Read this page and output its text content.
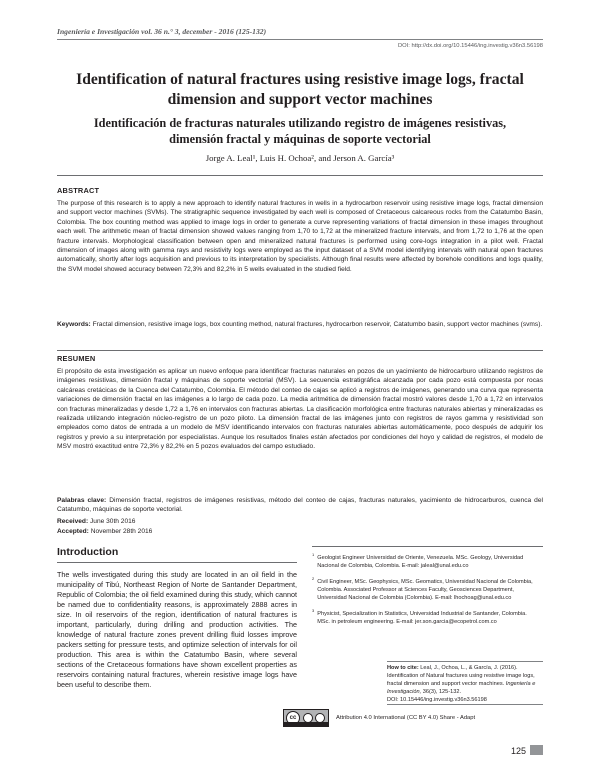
Ingeniería e Investigación vol. 36 n.° 3, december - 2016 (125-132)
DOI: http://dx.doi.org/10.15446/ing.investig.v36n3.56198
Identification of natural fractures using resistive image logs, fractal dimension and support vector machines
Identificación de fracturas naturales utilizando registro de imágenes resistivas, dimensión fractal y máquinas de soporte vectorial
Jorge A. Leal¹, Luis H. Ochoa², and Jerson A. García³
ABSTRACT
The purpose of this research is to apply a new approach to identify natural fractures in wells in a hydrocarbon reservoir using resistive image logs, fractal dimension and support vector machines (SVMs). The stratigraphic sequence investigated by each well is composed of Cretaceous calcareous rocks from the Catatumbo Basin, Colombia. The box counting method was applied to image logs in order to generate a curve representing variations of fractal dimension in these images throughout each well. The arithmetic mean of fractal dimension showed values ranging from 1,70 to 1,72 at the mineralized fracture intervals, and from 1,72 to 1,76 at the open fracture intervals. Morphological classification between open and mineralized natural fractures is performed using core-logs integration in a pilot well. Fractal dimension of images along with gamma rays and resistivity logs were employed as the input dataset of a SVM model identifying intervals with natural open fractures automatically, shortly after logs acquisition and previous to its interpretation by specialists. Although final results were affected by borehole conditions and logs quality, the SVM model showed accuracy between 72,3% and 82,2% in 5 wells evaluated in the studied field.
Keywords: Fractal dimension, resistive image logs, box counting method, natural fractures, hydrocarbon reservoir, Catatumbo basin, support vector machines (svms).
RESUMEN
El propósito de esta investigación es aplicar un nuevo enfoque para identificar fracturas naturales en pozos de un yacimiento de hidrocarburo utilizando registros de imágenes resistivas, dimensión fractal y máquinas de soporte vectorial (MSV). La secuencia estratigráfica alcanzada por cada pozo está compuesta por rocas calcáreas cretácicas de la Cuenca del Catatumbo, Colombia. El método del conteo de cajas se aplicó a registros de imágenes, generando una curva que representa variaciones de dimensión fractal en las imágenes a lo largo de cada pozo. La media aritmética de dimensión fractal mostró valores desde 1,70 a 1,72 en intervalos con fracturas mineralizadas y desde 1,72 a 1,76 en intervalos con fracturas abiertas. La clasificación morfológica entre fracturas naturales abiertas y mineralizadas es realizada utilizando integración núcleo-registro de un pozo piloto. La dimensión fractal de las imágenes junto con registros de rayos gamma y resistividad son empleados como datos de entrada a un modelo de MSV identificando intervalos con fracturas naturales abiertas automáticamente, poco después de adquirir los registros y previo a su interpretación por especialistas. Aunque los resultados finales están afectados por condiciones del hoyo y calidad de registros, el modelo de MSV mostró exactitud entre 72,3% y 82,2% en 5 pozos evaluados del campo estudiado.
Palabras clave: Dimensión fractal, registros de imágenes resistivas, método del conteo de cajas, fracturas naturales, yacimiento de hidrocarburos, cuenca del Catatumbo, máquinas de soporte vectorial.
Received: June 30th 2016
Accepted: November 28th 2016
Introduction
The wells investigated during this study are located in an oil field in the municipality of Tibú, Northeast Region of Norte de Santander Department, Republic of Colombia; the oil field examined during this study, which cannot be named due to confidentiality reasons, is approximately 2888 acres in size. In oil reservoirs of the region, identification of natural fractures is important, particularly, during drilling and production activities. The knowledge of natural fracture zones prevent drilling fluid losses improve packers setting for pressure tests, and optimize selection of intervals for oil production. This area is within the Catatumbo Basin, where several sections of the Cretaceous formations have shown excellent properties as reservoirs containing natural fractures, wherein resistive image logs have been useful to describe them.
$^1$Geologist Engineer Universidad de Oriente, Venezuela. MSc. Geology, Universidad Nacional de Colombia, Colombia. E-mail: jaleal@unal.edu.co
$^2$Civil Engineer, MSc. Geophysics, MSc. Geomatics, Universidad Nacional de Colombia, Colombia. Associated Professor at Sciences Faculty, Geosciences Department, Universidad Nacional de Colombia (Colombia). E-mail: lhochoag@unal.edu.co
$^3$Physicist, Specialization in Statistics, Universidad Industrial de Santander, Colombia. MSc. in petroleum engineering. E-mail: jer.son.garcia@ecopetrol.com.co
How to cite: Leal, J., Ochoa, L., & García, J. (2016). Identification of Natural fractures using resistive image logs, fractal dimension and support vector machines. Ingeniería e Investigación, 36(3), 125-132.
DOI: 10.15446/ing.investig.v36n3.56198
cc	Attribution 4.0 International (CC BY 4.0) Share - Adapt
125
